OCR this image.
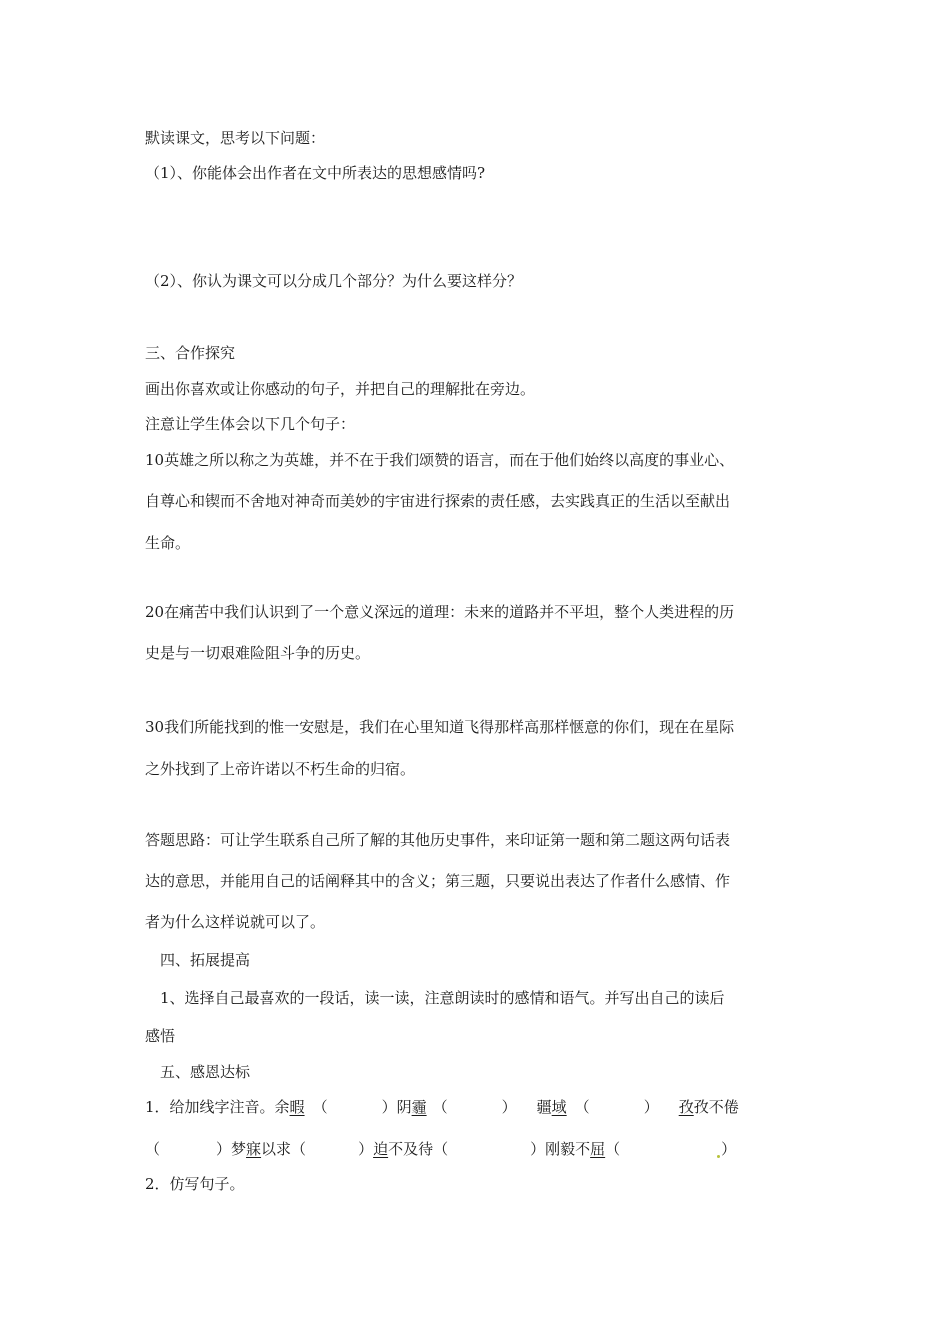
默读课文，思考以下问题：
（1）、你能体会出作者在文中所表达的思想感情吗?
（2）、你认为课文可以分成几个部分？为什么要这样分？
三、合作探究
画出你喜欢或让你感动的句子，并把自己的理解批在旁边。
注意让学生体会以下几个句子：
10英雄之所以称之为英雄，并不在于我们颂赞的语言，而在于他们始终以高度的事业心、
自尊心和锲而不舍地对神奇而美妙的宇宙进行探索的责任感，去实践真正的生活以至献出
生命。
20在痛苦中我们认识到了一个意义深远的道理：未来的道路并不平坦，整个人类进程的历
史是与一切艰难险阻斗争的历史。
30我们所能找到的惟一安慰是，我们在心里知道飞得那样高那样惬意的你们，现在在星际
之外找到了上帝许诺以不朽生命的归宿。
答题思路：可让学生联系自己所了解的其他历史事件，来印证第一题和第二题这两句话表
达的意思，并能用自己的话阐释其中的含义；第三题，只要说出表达了作者什么感情、作
者为什么这样说就可以了。
四、拓展提高
1、选择自己最喜欢的一段话，读一读，注意朗读时的感情和语气。并写出自己的读后
感悟
五、感恩达标
1．给加线字注音。余暇 （	）阴霾 （	） 疆域 （	） 孜孜不倦
（	）梦寐以求（	）迫不及待（	）刚毅不屈（	）
2．仿写句子。
